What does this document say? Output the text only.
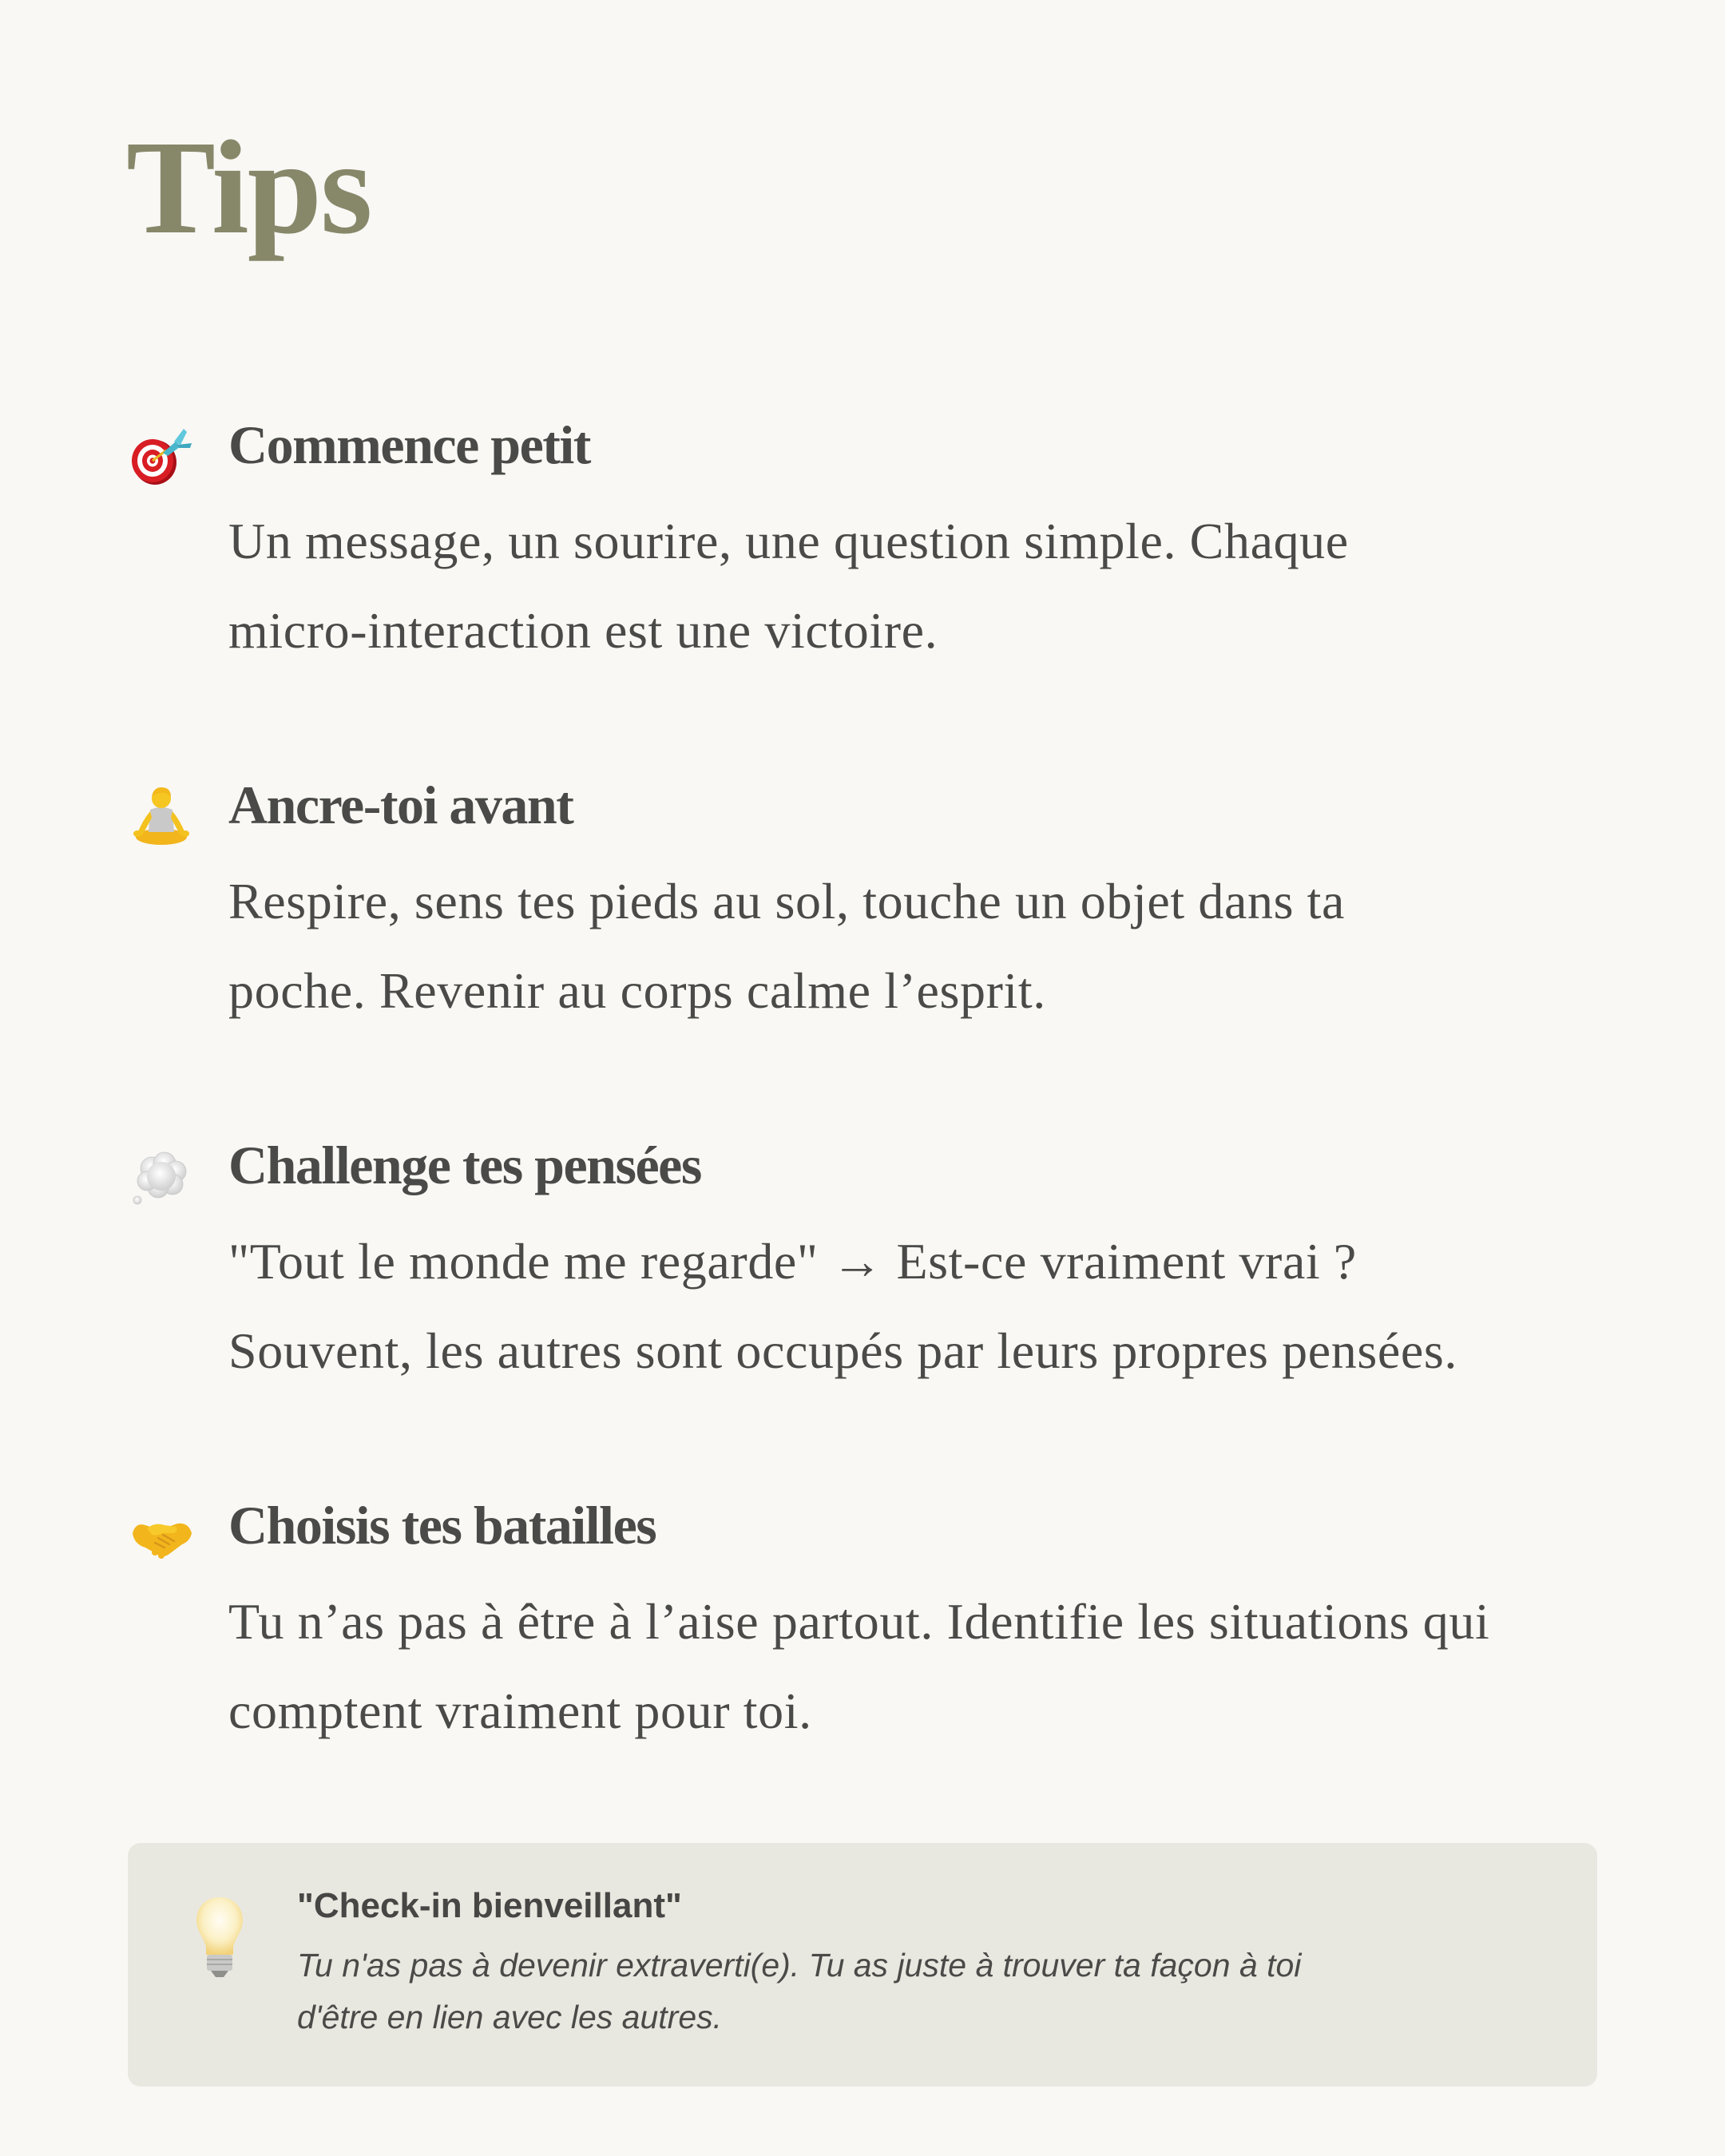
Tips
Commence petit

Un message, un sourire, une question simple. Chaque
micro-interaction est une victoire.

Ancre-toi avant

Respire, sens tes pieds au sol, touche un objet dans ta
poche. Revenir au corps calme l’esprit.

Challenge tes pensées

"Tout le monde me regarde" → Est-ce vraiment vrai ?
Souvent, les autres sont occupés par leurs propres pensées.

Choisis tes batailles

Tu n’as pas à être à l’aise partout. Identifie les situations qui
comptent vraiment pour toi.

"Check-in bienveillant"

Tu n'as pas à devenir extraverti(e). Tu as juste à trouver ta façon à toi
d'être en lien avec les autres.
